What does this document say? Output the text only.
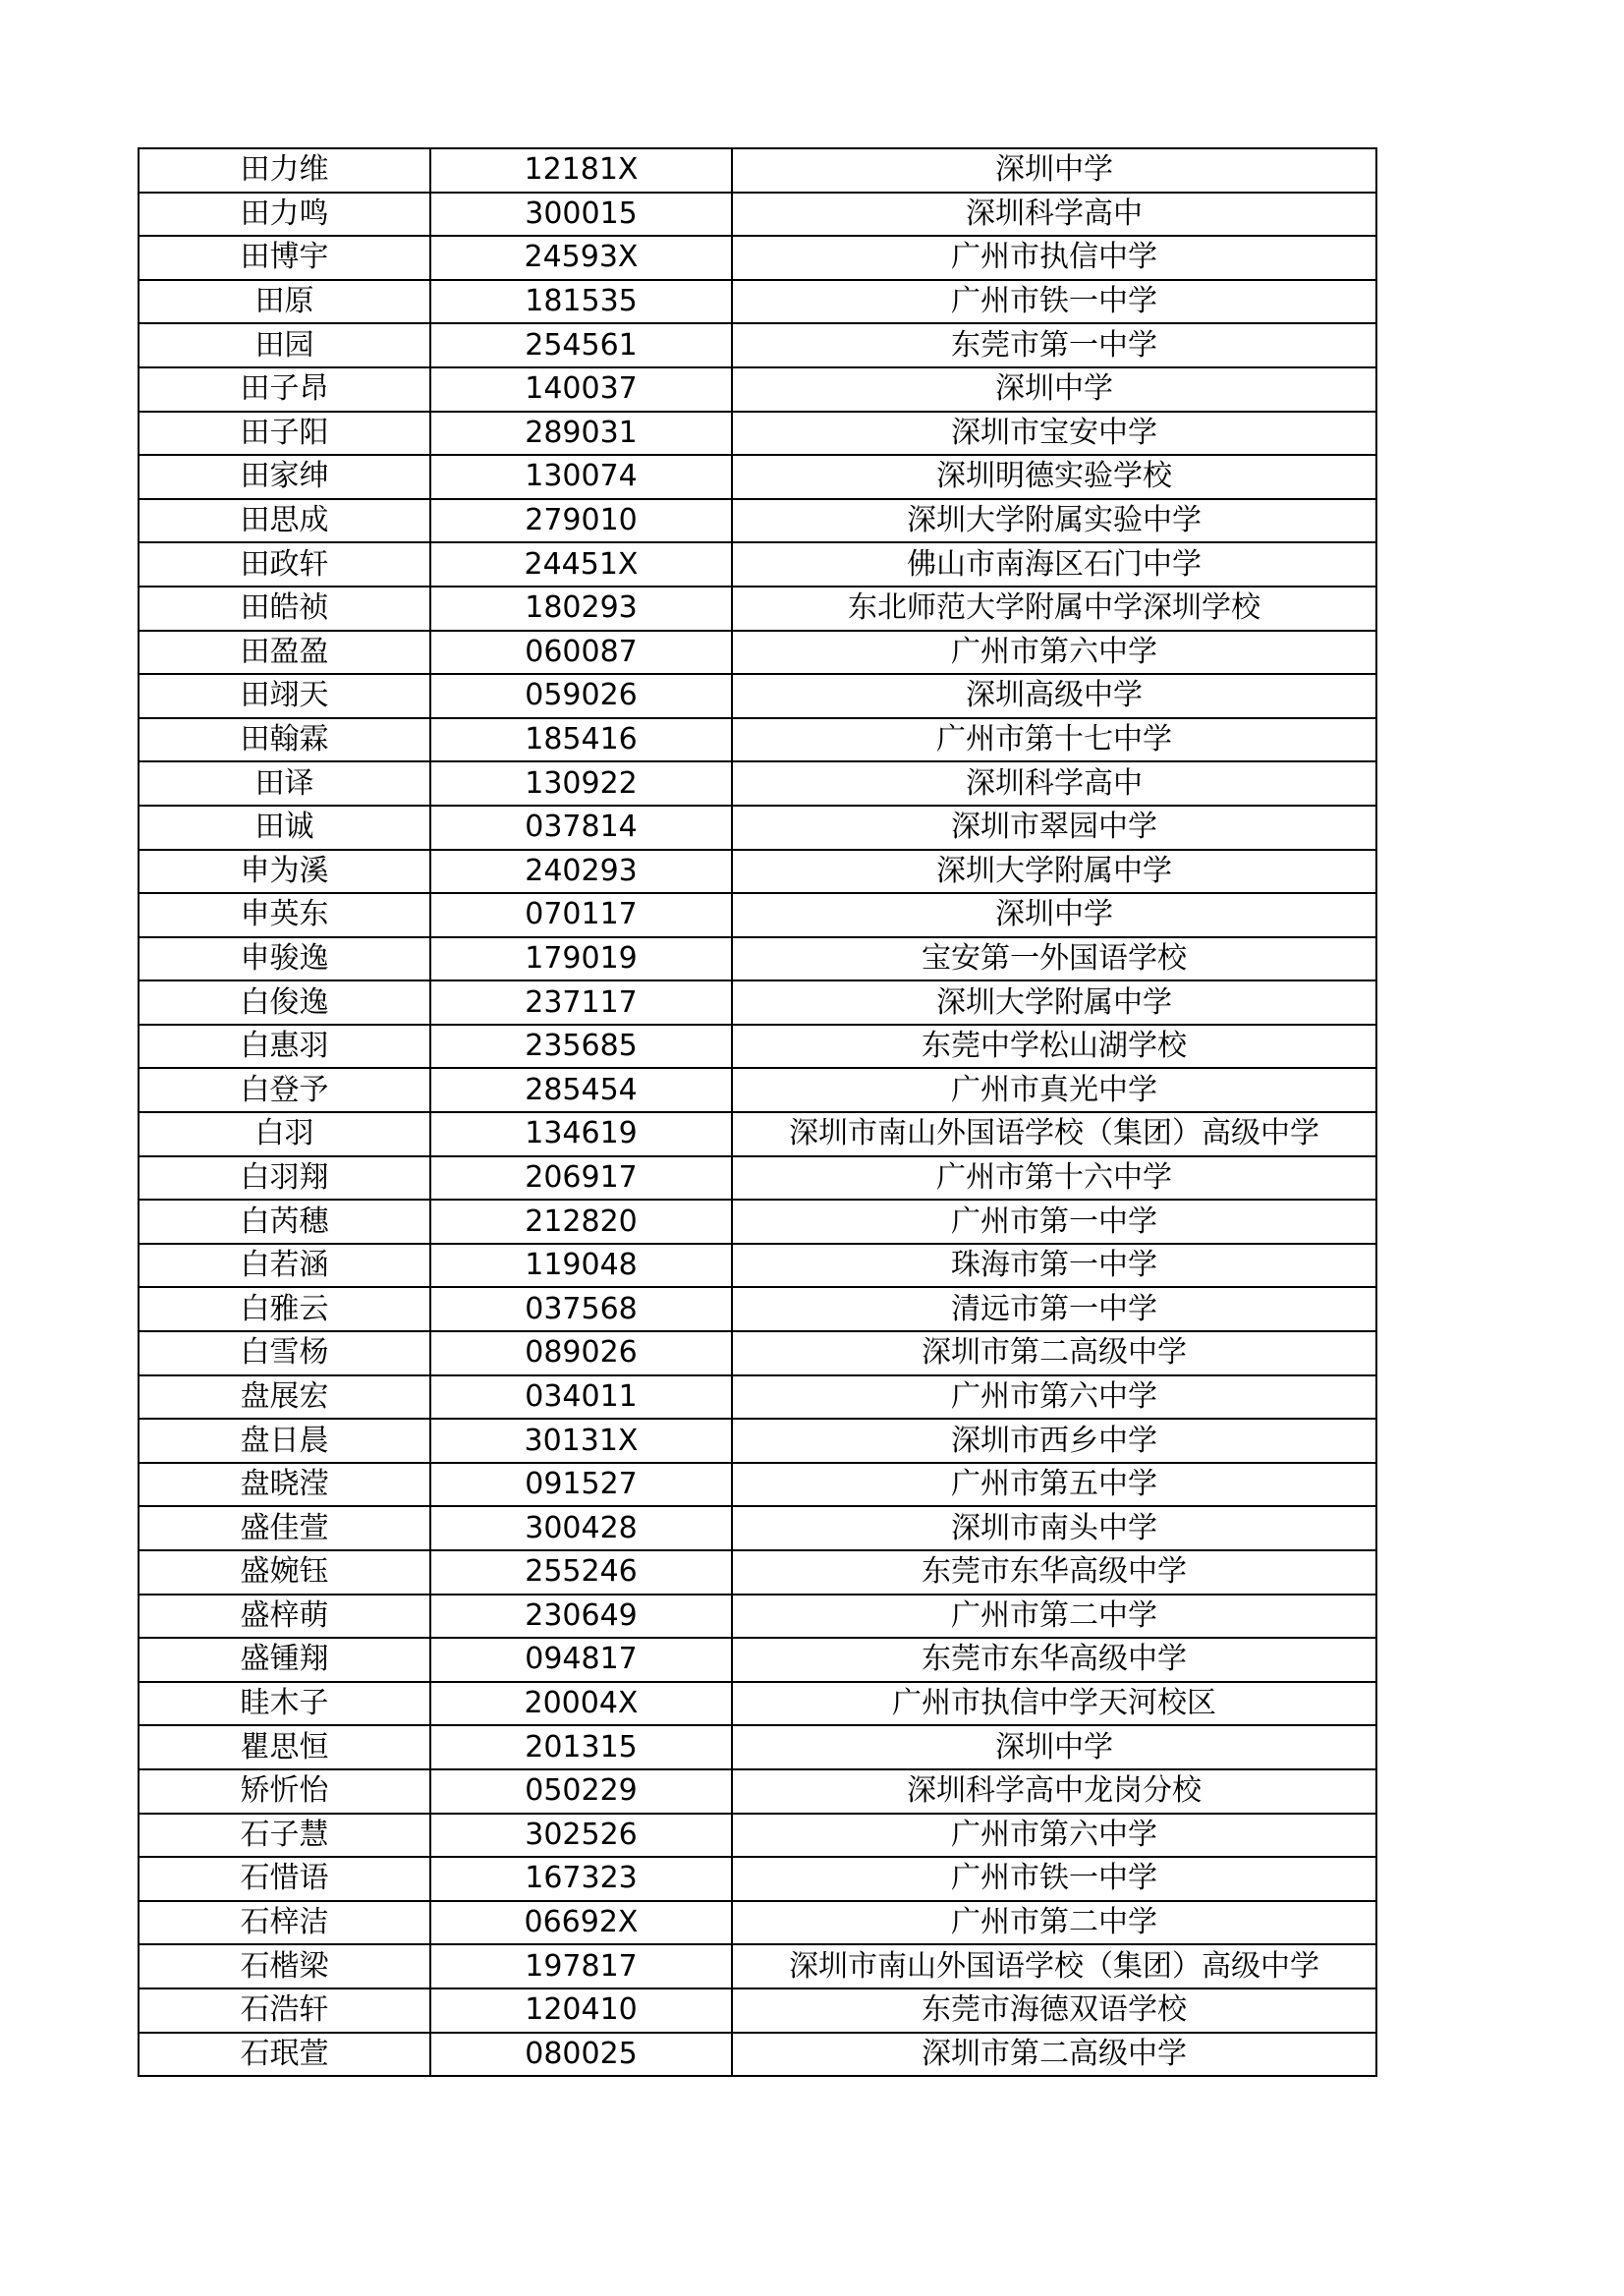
田力维	12181X	深圳中学
田力鸣	300015	深圳科学高中
田博宇	24593X	广州市执信中学
田原	181535	广州市铁一中学
田园	254561	东莞市第一中学
田子昂	140037	深圳中学
田子阳	289031	深圳市宝安中学
田家绅	130074	深圳明德实验学校
田思成	279010	深圳大学附属实验中学
田政轩	24451X	佛山市南海区石门中学
田皓祯	180293	东北师范大学附属中学深圳学校
田盈盈	060087	广州市第六中学
田翊天	059026	深圳高级中学
田翰霖	185416	广州市第十七中学
田译	130922	深圳科学高中
田诚	037814	深圳市翠园中学
申为溪	240293	深圳大学附属中学
申英东	070117	深圳中学
申骏逸	179019	宝安第一外国语学校
白俊逸	237117	深圳大学附属中学
白惠羽	235685	东莞中学松山湖学校
白登予	285454	广州市真光中学
白羽	134619	深圳市南山外国语学校（集团）高级中学
白羽翔	206917	广州市第十六中学
白芮穗	212820	广州市第一中学
白若涵	119048	珠海市第一中学
白雅云	037568	清远市第一中学
白雪杨	089026	深圳市第二高级中学
盘展宏	034011	广州市第六中学
盘日晨	30131X	深圳市西乡中学
盘晓滢	091527	广州市第五中学
盛佳萱	300428	深圳市南头中学
盛婉钰	255246	东莞市东华高级中学
盛梓萌	230649	广州市第二中学
盛锺翔	094817	东莞市东华高级中学
眭木子	20004X	广州市执信中学天河校区
瞿思恒	201315	深圳中学
矫忻怡	050229	深圳科学高中龙岗分校
石子慧	302526	广州市第六中学
石惜语	167323	广州市铁一中学
石梓洁	06692X	广州市第二中学
石楷梁	197817	深圳市南山外国语学校（集团）高级中学
石浩轩	120410	东莞市海德双语学校
石珉萱	080025	深圳市第二高级中学
